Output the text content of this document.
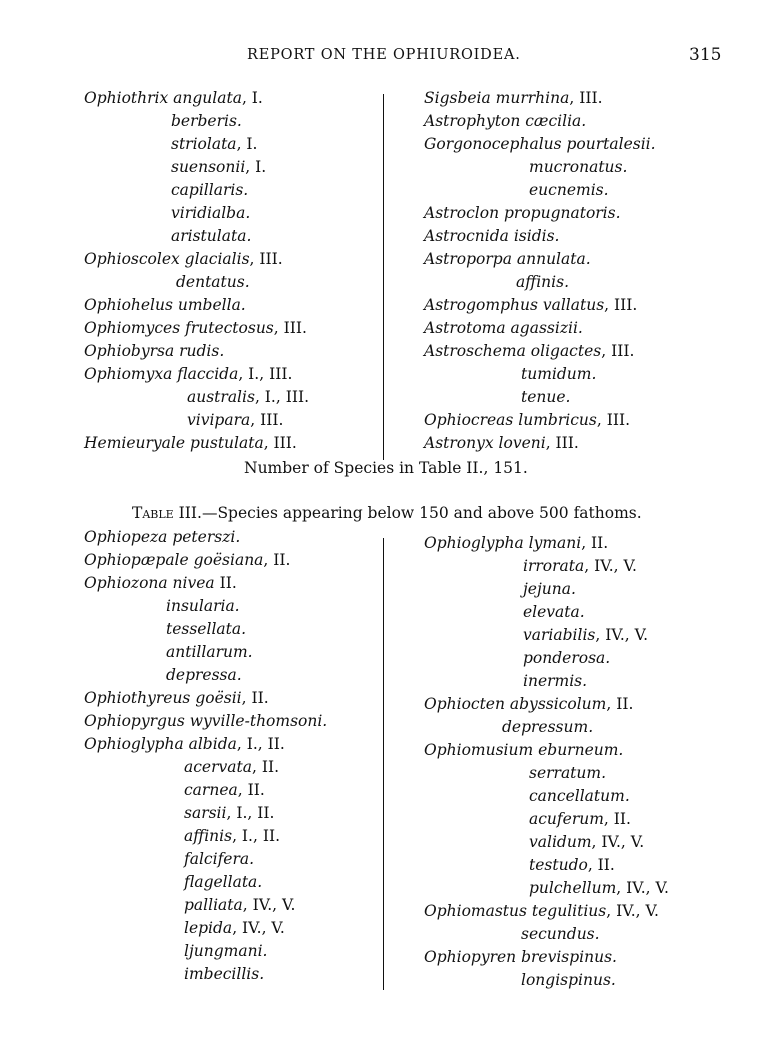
REPORT ON THE OPHIUROIDEA.	315
Ophiothrix angulata, I.
berberis.
striolata, I.
suensonii, I.
capillaris.
viridialba.
aristulata.
Ophioscolex glacialis, III.
dentatus.
Ophiohelus umbella.
Ophiomyces frutectosus, III.
Ophiobyrsa rudis.
Ophiomyxa flaccida, I., III.
australis, I., III.
vivipara, III.
Hemieuryale pustulata, III.
Sigsbeia murrhina, III.
Astrophyton cæcilia.
Gorgonocephalus pourtalesii.
mucronatus.
eucnemis.
Astroclon propugnatoris.
Astrocnida isidis.
Astroporpa annulata.
affinis.
Astrogomphus vallatus, III.
Astrotoma agassizii.
Astroschema oligactes, III.
tumidum.
tenue.
Ophiocreas lumbricus, III.
Astronyx loveni, III.
Number of Species in Table II., 151.
Table III.—Species appearing below 150 and above 500 fathoms.
Ophiopeza peterszi.
Ophiopæpale goësiana, II.
Ophiozona nivea II.
insularia.
tessellata.
antillarum.
depressa.
Ophiothyreus goësii, II.
Ophiopyrgus wyville-thomsoni.
Ophioglypha albida, I., II.
acervata, II.
carnea, II.
sarsii, I., II.
affinis, I., II.
falcifera.
flagellata.
palliata, IV., V.
lepida, IV., V.
ljungmani.
imbecillis.
Ophioglypha lymani, II.
irrorata, IV., V.
jejuna.
elevata.
variabilis, IV., V.
ponderosa.
inermis.
Ophiocten abyssicolum, II.
depressum.
Ophiomusium eburneum.
serratum.
cancellatum.
acuferum, II.
validum, IV., V.
testudo, II.
pulchellum, IV., V.
Ophiomastus tegulitius, IV., V.
secundus.
Ophiopyren brevispinus.
longispinus.
